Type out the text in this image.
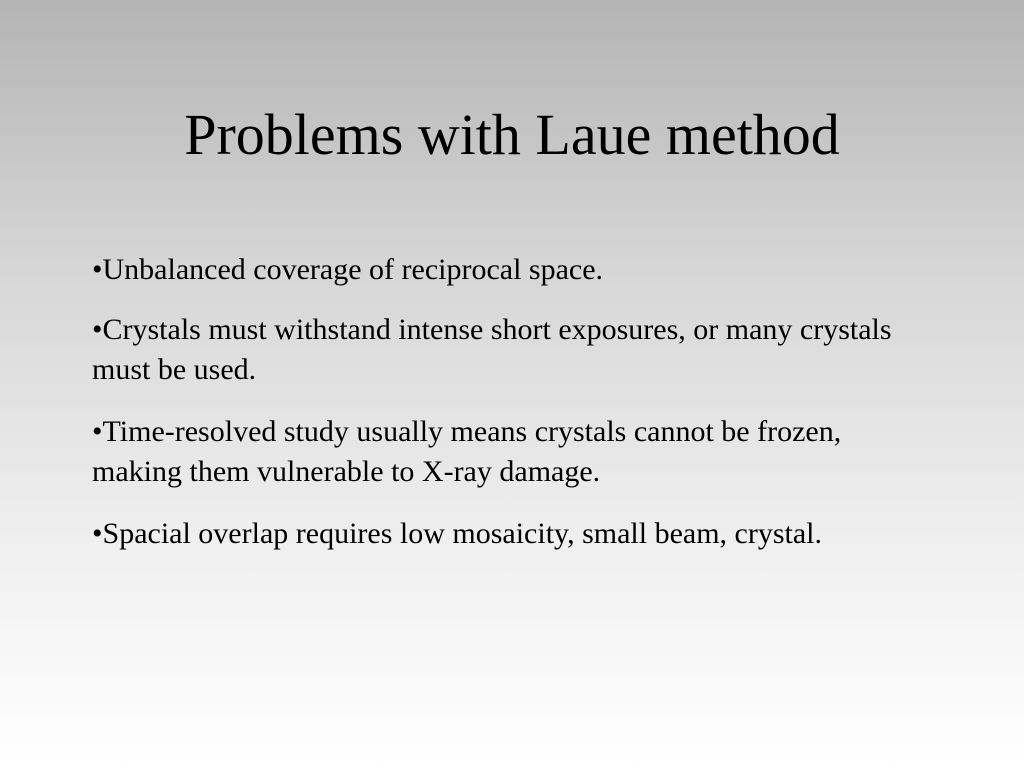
Problems with Laue method
•Unbalanced coverage of reciprocal space.
•Crystals must withstand intense short exposures, or many crystals must be used.
•Time-resolved study usually means crystals cannot be frozen, making them vulnerable to X-ray damage.
•Spacial overlap requires low mosaicity, small beam, crystal.
